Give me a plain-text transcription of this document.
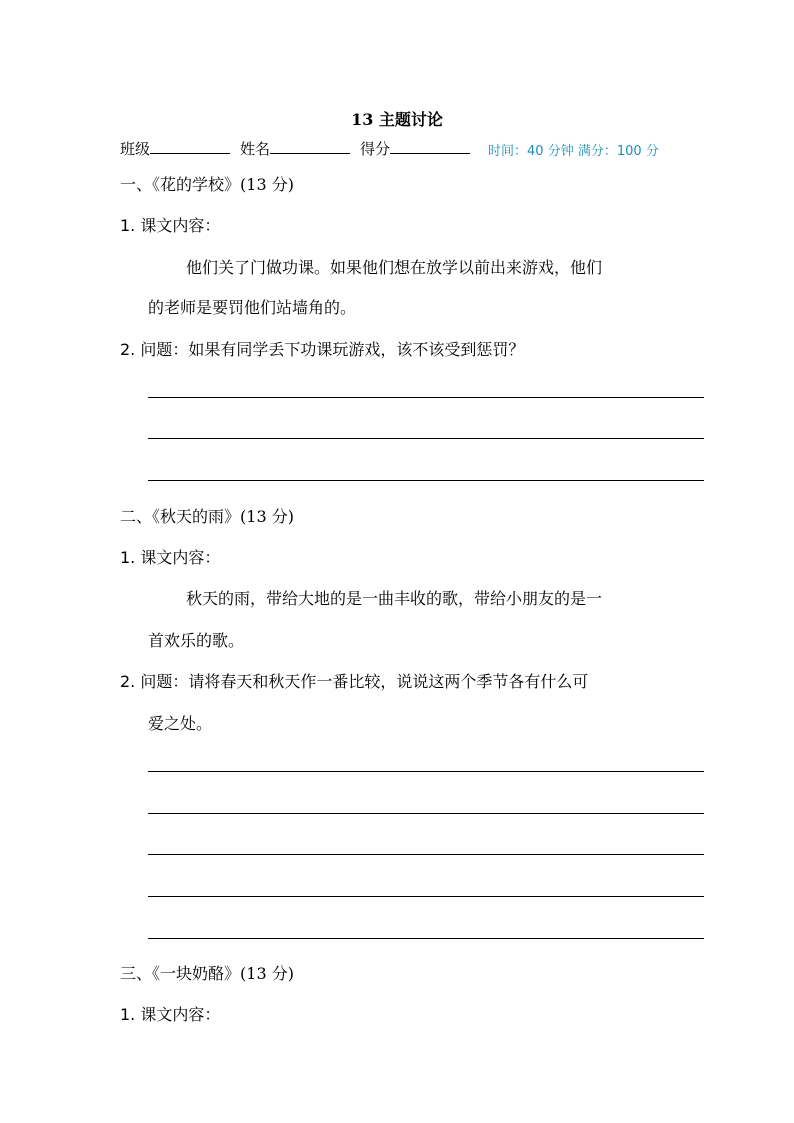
13 主题讨论
班级	姓名	得分	时间：40 分钟 满分：100 分
一、《花的学校》(13 分)
1. 课文内容：
他们关了门做功课。如果他们想在放学以前出来游戏，他们
的老师是要罚他们站墙角的。
2. 问题：如果有同学丢下功课玩游戏，该不该受到惩罚？
二、《秋天的雨》(13 分)
1. 课文内容：
秋天的雨，带给大地的是一曲丰收的歌，带给小朋友的是一
首欢乐的歌。
2. 问题：请将春天和秋天作一番比较，说说这两个季节各有什么可
爱之处。
三、《一块奶酪》(13 分)
1. 课文内容：
